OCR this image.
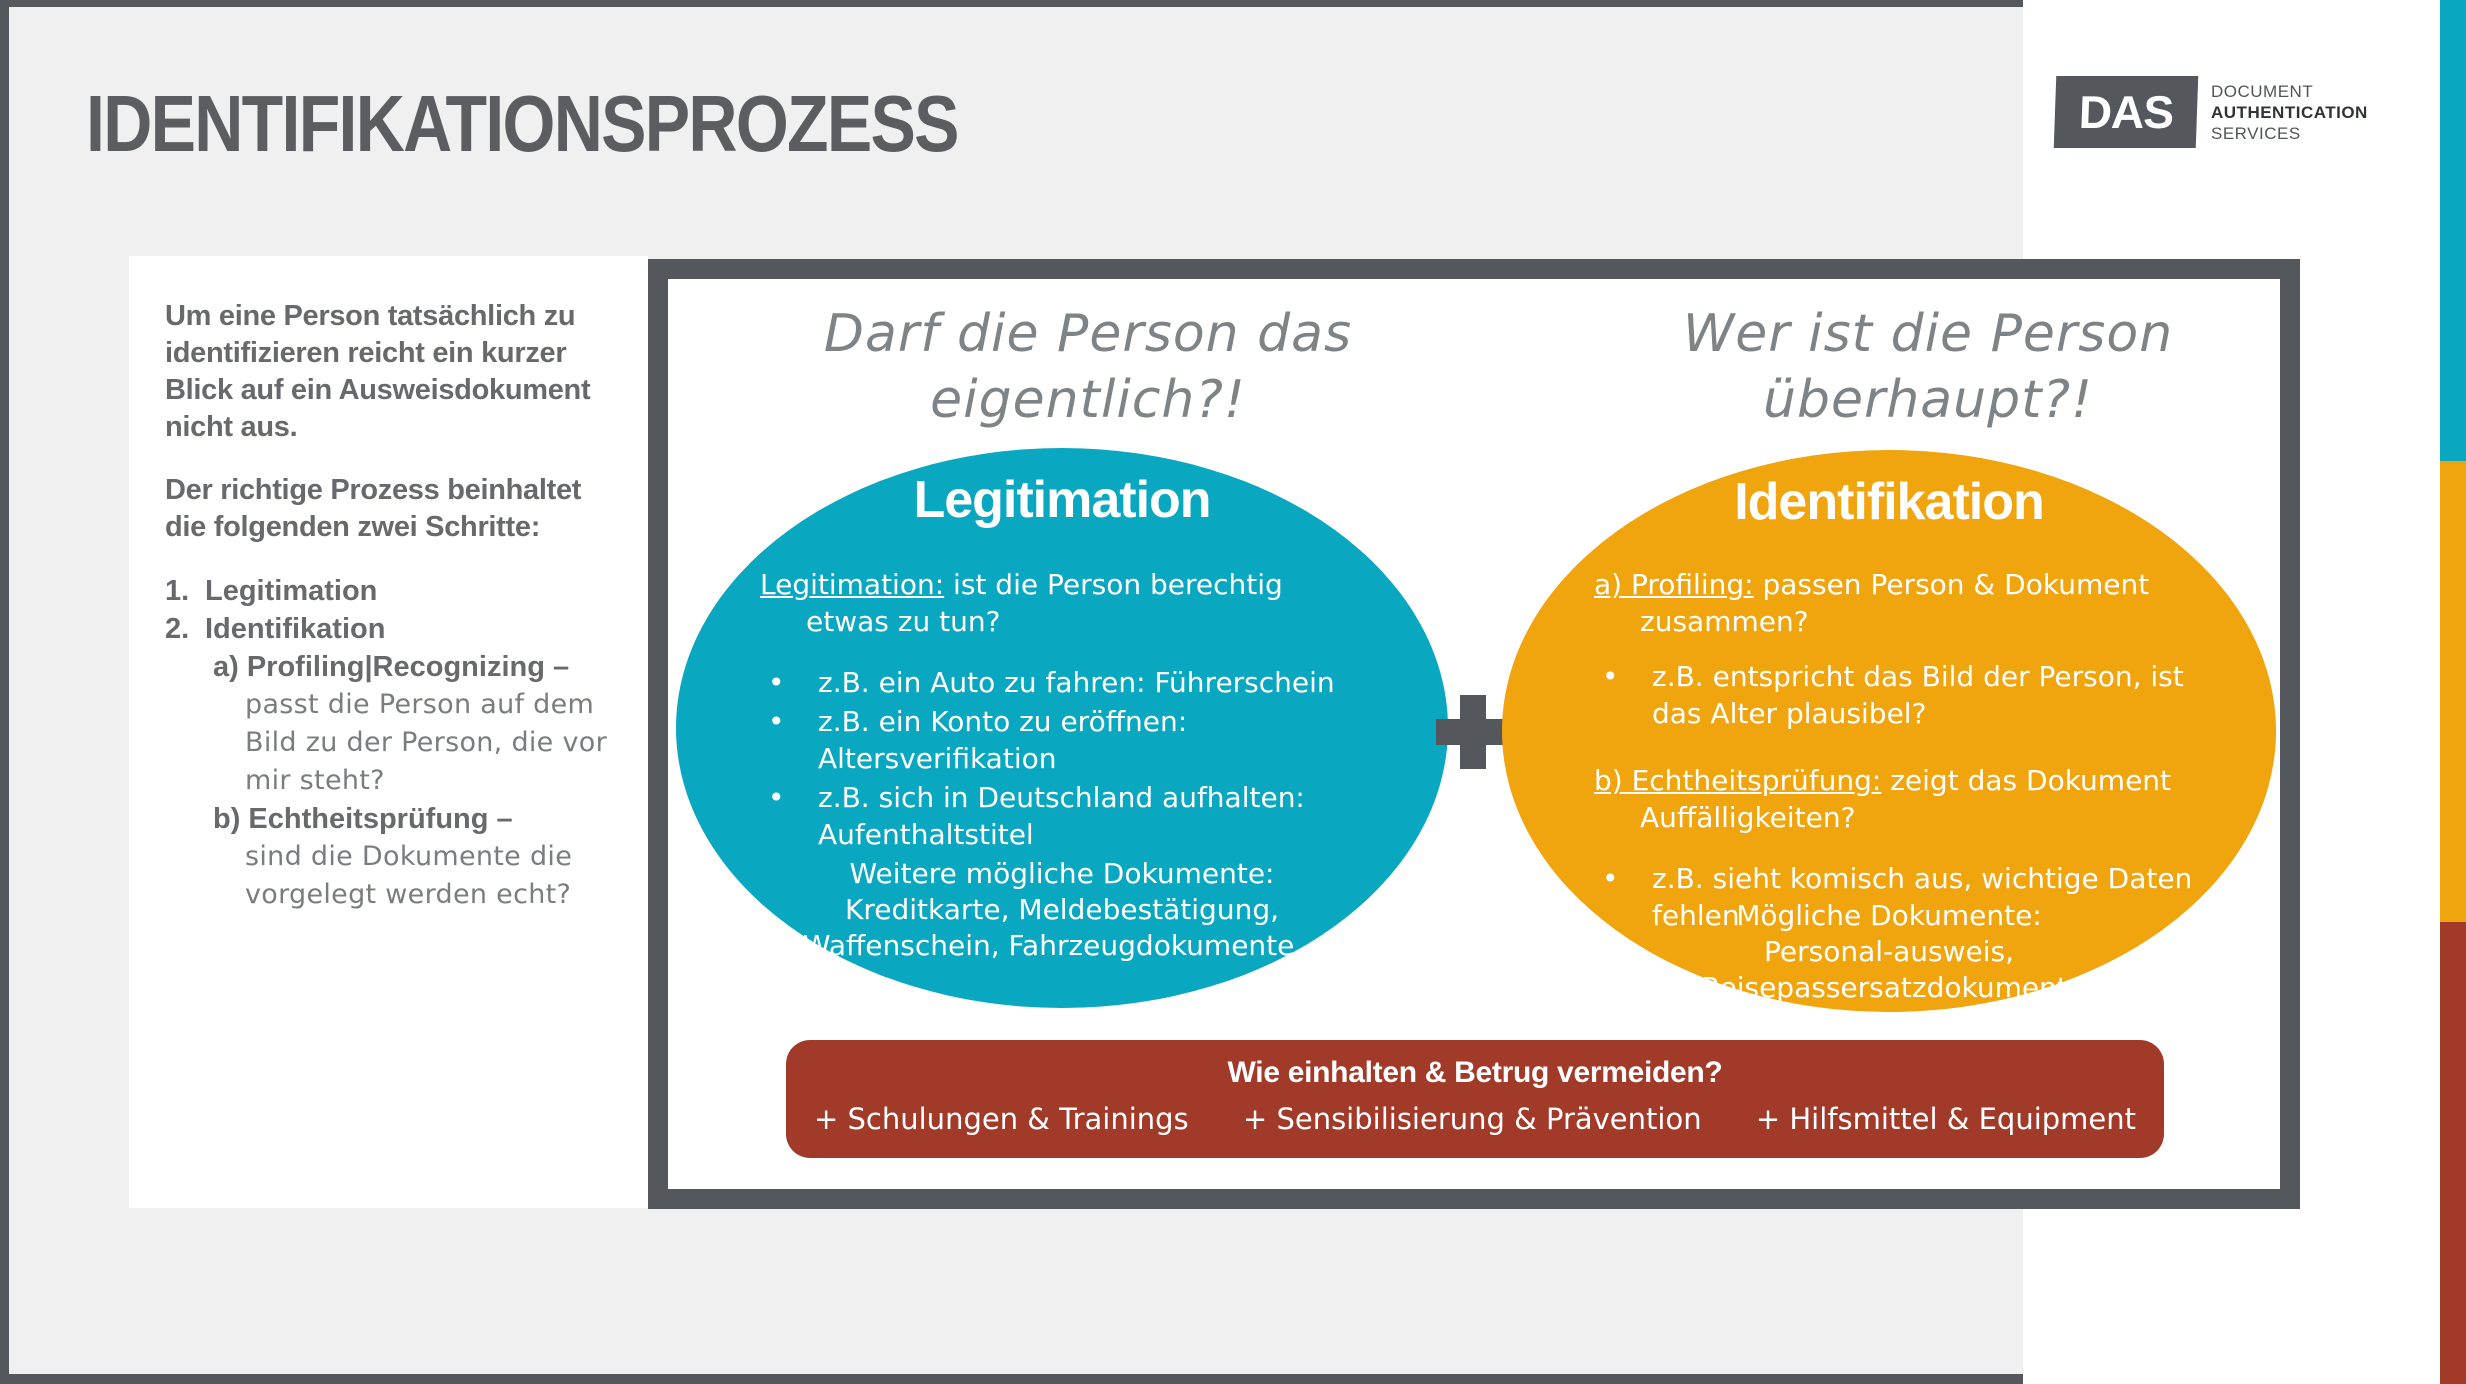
IDENTIFIKATIONSPROZESS	DAS	DOCUMENT
AUTHENTICATION
SERVICES

Um eine Person tatsächlich zu identifizieren reicht ein kurzer Blick auf ein Ausweisdokument nicht aus.

Der richtige Prozess beinhaltet die folgenden zwei Schritte:

1. Legitimation
2. Identifikation
a) Profiling|Recognizing –
passt die Person auf dem Bild zu der Person, die vor mir steht?
b) Echtheitsprüfung –
sind die Dokumente die vorgelegt werden echt?
Darf die Person das
eigentlich?!
Wer ist die Person
überhaupt?!
Legitimation

Legitimation: ist die Person berechtig etwas zu tun?

• z.B. ein Auto zu fahren: Führerschein
• z.B. ein Konto zu eröffnen: Altersverifikation
• z.B. sich in Deutschland aufhalten: Aufenthaltstitel
Weitere mögliche Dokumente: Kreditkarte, Meldebestätigung, Waffenschein, Fahrzeugdokumente...
Identifikation

a) Profiling: passen Person & Dokument zusammen?

• z.B. entspricht das Bild der Person, ist das Alter plausibel?

b) Echtheitsprüfung: zeigt das Dokument Auffälligkeiten?

• z.B. sieht komisch aus, wichtige Daten fehlen
Mögliche Dokumente: Personal-ausweis, Reisepassersatzdokument, Geburtsurkunde...
Wie einhalten & Betrug vermeiden?
+ Schulungen & Trainings + Sensibilisierung & Prävention + Hilfsmittel & Equipment
